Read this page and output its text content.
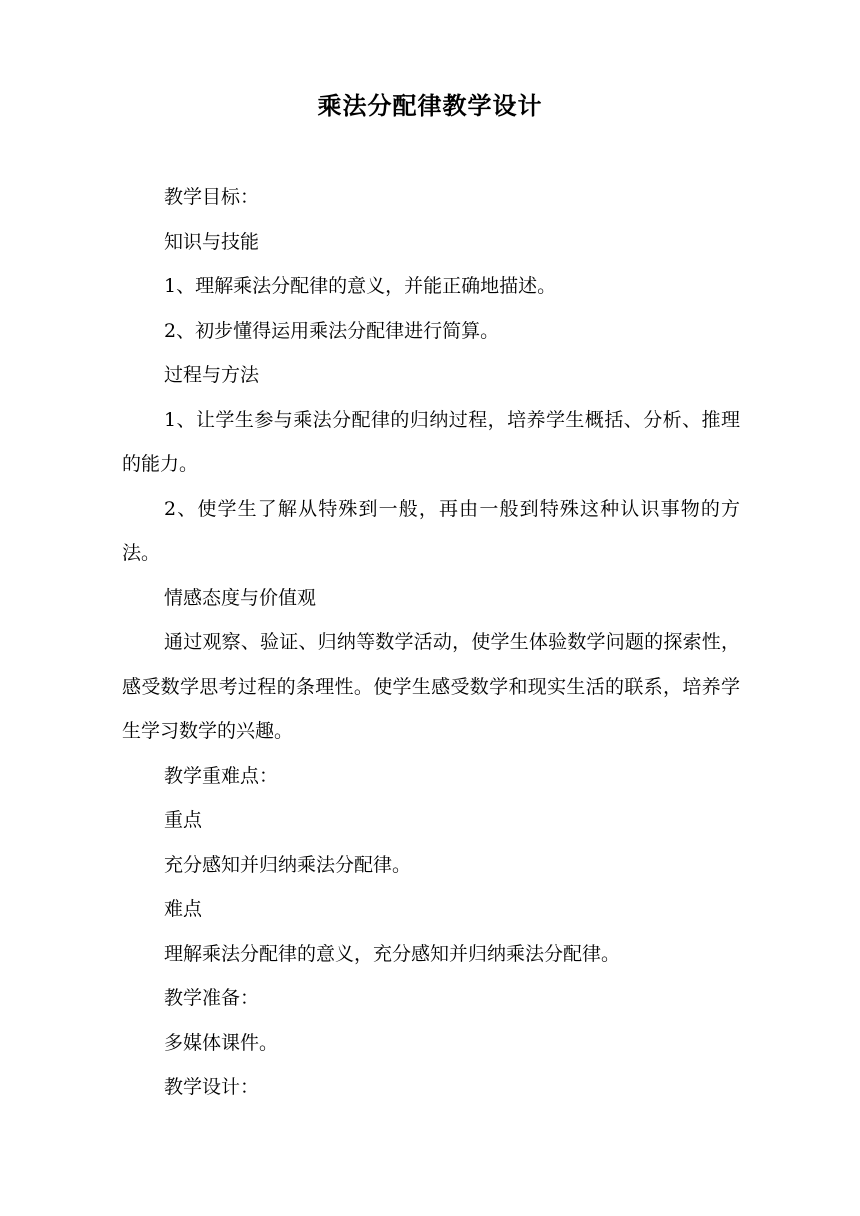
乘法分配律教学设计

教学目标：

知识与技能

1、理解乘法分配律的意义，并能正确地描述。

2、初步懂得运用乘法分配律进行简算。

过程与方法

1、让学生参与乘法分配律的归纳过程，培养学生概括、分析、推理的能力。

2、使学生了解从特殊到一般，再由一般到特殊这种认识事物的方法。

情感态度与价值观

通过观察、验证、归纳等数学活动，使学生体验数学问题的探索性，感受数学思考过程的条理性。使学生感受数学和现实生活的联系，培养学生学习数学的兴趣。

教学重难点：

重点

充分感知并归纳乘法分配律。

难点

理解乘法分配律的意义，充分感知并归纳乘法分配律。

教学准备：

多媒体课件。

教学设计：
